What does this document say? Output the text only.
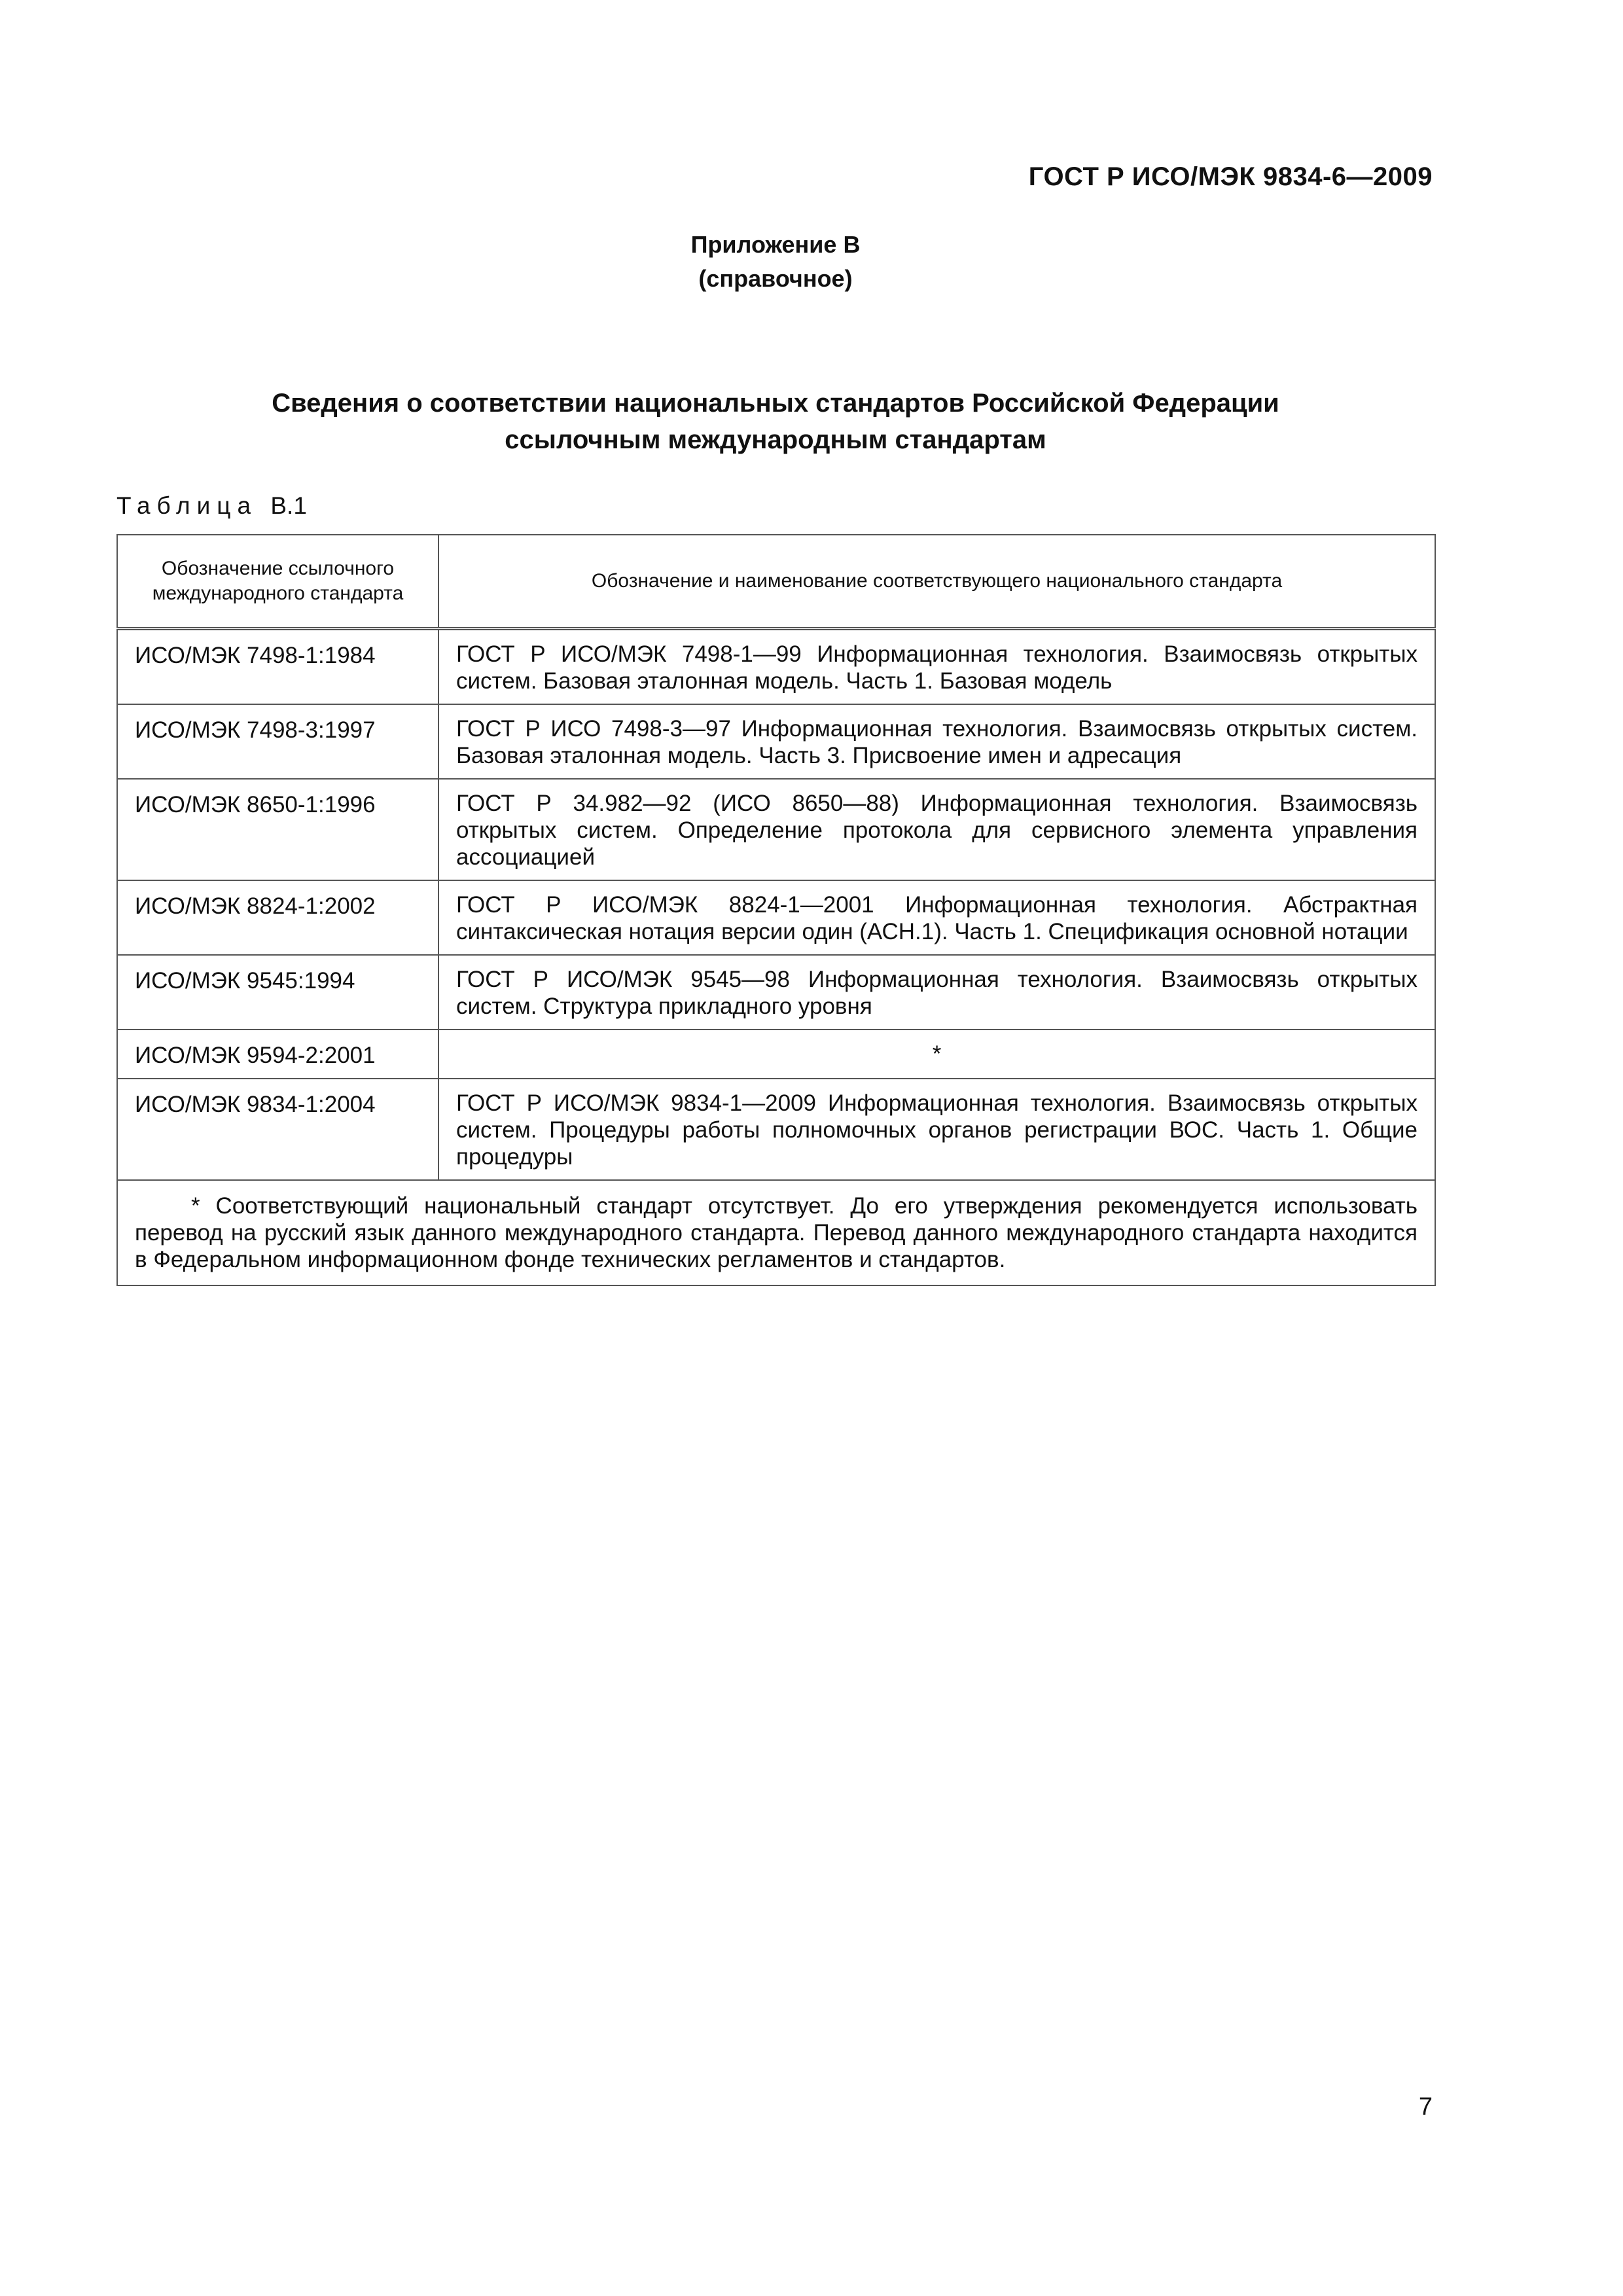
ГОСТ Р ИСО/МЭК 9834-6—2009
Приложение В
(справочное)
Сведения о соответствии национальных стандартов Российской Федерации
ссылочным международным стандартам
Таблица В.1
Обозначение ссылочного международного стандарта	Обозначение и наименование соответствующего национального стандарта
ИСО/МЭК 7498-1:1984	ГОСТ Р ИСО/МЭК 7498-1—99 Информационная технология. Взаимосвязь открытых систем. Базовая эталонная модель. Часть 1. Базовая модель
ИСО/МЭК 7498-3:1997	ГОСТ Р ИСО 7498-3—97 Информационная технология. Взаимосвязь открытых систем. Базовая эталонная модель. Часть 3. Присвоение имен и адресация
ИСО/МЭК 8650-1:1996	ГОСТ Р 34.982—92 (ИСО 8650—88) Информационная технология. Взаимосвязь открытых систем. Определение протокола для сервисного элемента управления ассоциацией
ИСО/МЭК 8824-1:2002	ГОСТ Р ИСО/МЭК 8824-1—2001 Информационная технология. Абстрактная синтаксическая нотация версии один (АСН.1). Часть 1. Спецификация основной нотации
ИСО/МЭК 9545:1994	ГОСТ Р ИСО/МЭК 9545—98 Информационная технология. Взаимосвязь открытых систем. Структура прикладного уровня
ИСО/МЭК 9594-2:2001	*
ИСО/МЭК 9834-1:2004	ГОСТ Р ИСО/МЭК 9834-1—2009 Информационная технология. Взаимосвязь открытых систем. Процедуры работы полномочных органов регистрации ВОС. Часть 1. Общие процедуры
* Соответствующий национальный стандарт отсутствует. До его утверждения рекомендуется использовать перевод на русский язык данного международного стандарта. Перевод данного международного стандарта находится в Федеральном информационном фонде технических регламентов и стандартов.	
7
